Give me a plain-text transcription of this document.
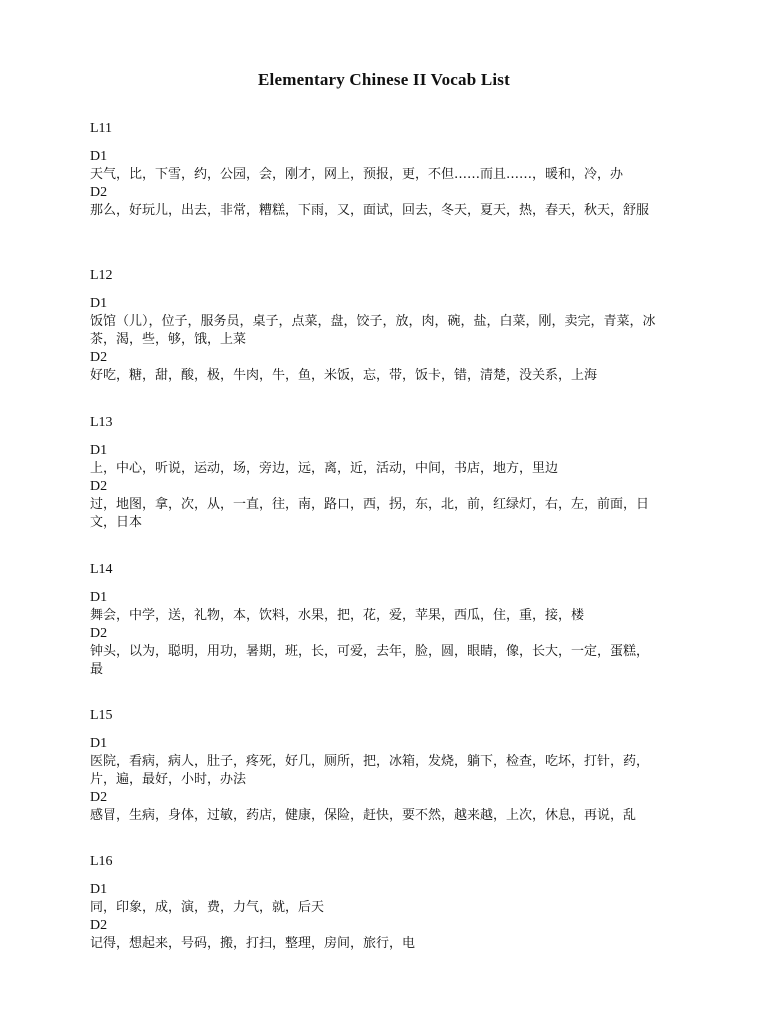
Elementary Chinese II Vocab List
L11
D1
天气，比，下雪，约，公园，会，刚才，网上，预报，更，不但……而且……，暖和，冷，办
D2
那么，好玩儿，出去，非常，糟糕，下雨，又，面试，回去，冬天，夏天，热，春天，秋天，舒服
L12
D1
饭馆（儿），位子，服务员，桌子，点菜，盘，饺子，放，肉，碗，盐，白菜，刚，卖完，青菜，冰茶，渴，些，够，饿，上菜
D2
好吃，糖，甜，酸，极，牛肉，牛，鱼，米饭，忘，带，饭卡，错，清楚，没关系，上海
L13
D1
上，中心，听说，运动，场，旁边，远，离，近，活动，中间，书店，地方，里边
D2
过，地图，拿，次，从，一直，往，南，路口，西，拐，东，北，前，红绿灯，右，左，前面，日文，日本
L14
D1
舞会，中学，送，礼物，本，饮料，水果，把，花，爱，苹果，西瓜，住，重，接，楼
D2
钟头，以为，聪明，用功，暑期，班，长，可爱，去年，脸，圆，眼睛，像，长大，一定，蛋糕，最
L15
D1
医院，看病，病人，肚子，疼死，好几，厕所，把，冰箱，发烧，躺下，检查，吃坏，打针，药，片，遍，最好，小时，办法
D2
感冒，生病，身体，过敏，药店，健康，保险，赶快，要不然，越来越，上次，休息，再说，乱
L16
D1
同，印象，成，演，费，力气，就，后天
D2
记得，想起来，号码，搬，打扫，整理，房间，旅行，电
